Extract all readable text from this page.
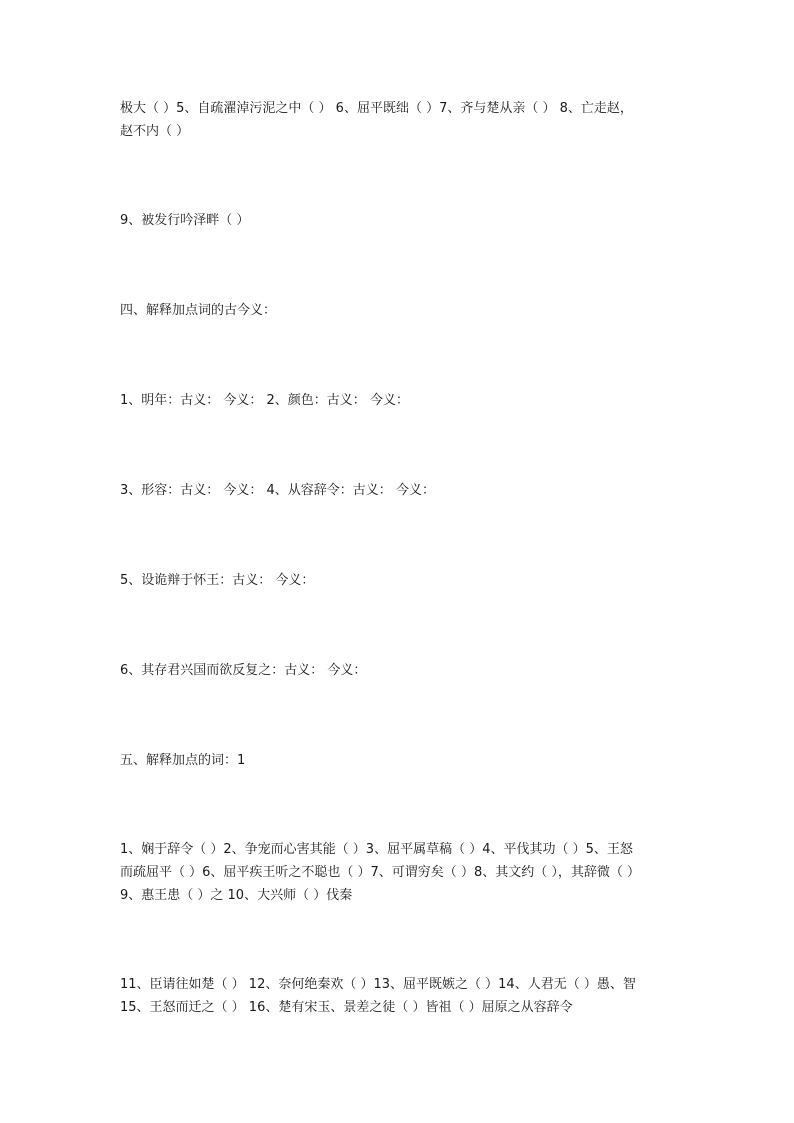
极大（ ）5、自疏濯淖污泥之中（ ） 6、屈平既绌（ ）7、齐与楚从亲（ ） 8、亡走赵，
赵不内（ ）
9、被发行吟泽畔（ ）
四、解释加点词的古今义：
1、明年：古义： 今义： 2、颜色：古义： 今义：
3、形容：古义： 今义： 4、从容辞令：古义： 今义：
5、设诡辩于怀王：古义： 今义：
6、其存君兴国而欲反复之：古义： 今义：
五、解释加点的词：1
1、娴于辞令（ ）2、争宠而心害其能（ ）3、屈平属草稿（ ）4、平伐其功（ ）5、王怒
而疏屈平（ ）6、屈平疾王听之不聪也（ ）7、可谓穷矣（ ）8、其文约（ ），其辞微（ ）
9、惠王患（ ）之 10、大兴师（ ）伐秦
11、臣请往如楚（ ） 12、奈何绝秦欢（ ）13、屈平既嫉之（ ）14、人君无（ ）愚、智
15、王怒而迁之（ ） 16、楚有宋玉、景差之徒（ ）皆祖（ ）屈原之从容辞令
